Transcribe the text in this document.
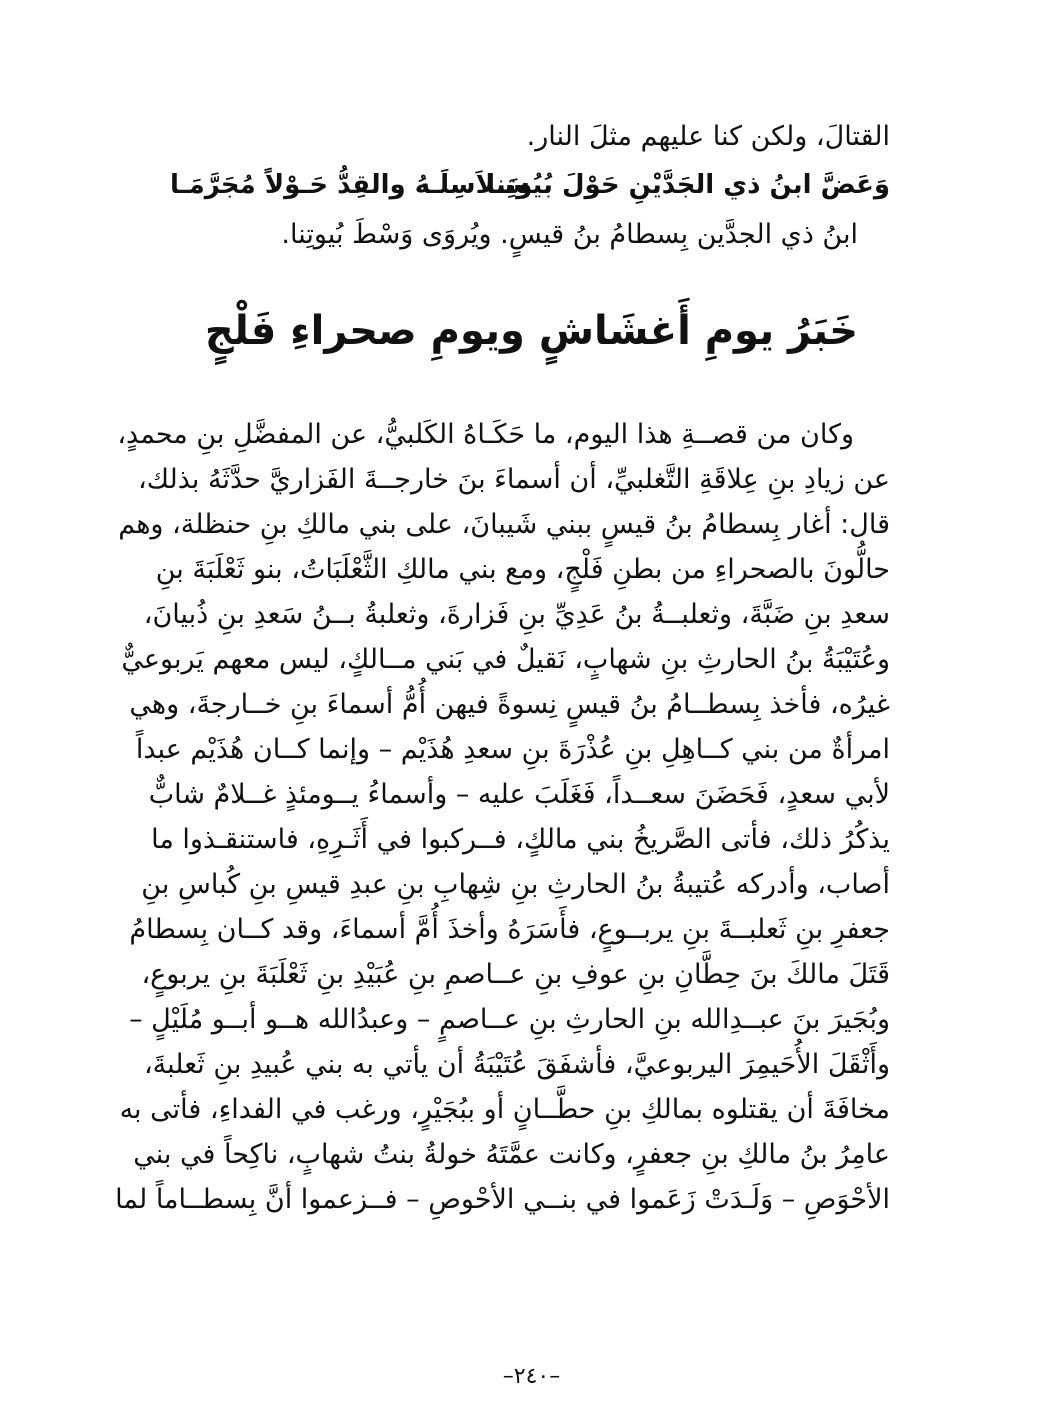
القتالَ، ولكن كنا عليهم مثلَ النار.
وَعَضَّ ابنُ ذي الجَدَّيْنِ حَوْلَ بُيُوتِنا
سَـلاَسِلَـهُ والقِدُّ حَـوْلاً مُجَرَّمَـا
ابنُ ذي الجدَّين بِسطامُ بنُ قيسٍ. ويُروَى وَسْطَ بُيوتِنا.
خَبَرُ يومِ أَغشَاشٍ ويومِ صحراءِ فَلْجٍ
وكان من قصــةِ هذا اليوم، ما حَكَـاهُ الكَلبيُّ، عن المفضَّلِ بنِ محمدٍ،
عن زيادِ بنِ عِلاقَةِ التَّغلبيِّ، أن أسماءَ بنَ خارجــةَ الفَزاريَّ حدَّثَهُ بذلك،
قال: أغار بِسطامُ بنُ قيسٍ ببني شَيبانَ، على بني مالكِ بنِ حنظلة، وهم
حالُّونَ بالصحراءِ من بطنِ فَلْجٍ، ومع بني مالكِ الثَّعْلَبَاتُ، بنو ثَعْلَبَةَ بنِ
سعدِ بنِ ضَبَّةَ، وثعلبــةُ بنُ عَدِيِّ بنِ فَزارةَ، وثعلبةُ بــنُ سَعدِ بنِ ذُبيانَ،
وعُتَيْبَةُ بنُ الحارثِ بنِ شهابٍ، نَقيلٌ في بَني مــالكٍ، ليس معهم يَربوعيٌّ
غيرُه، فأخذ بِسطــامُ بنُ قيسٍ نِسوةً فيهن أُمُّ أسماءَ بنِ خــارجةَ، وهي
امرأةٌ من بني كــاهِلِ بنِ عُذْرَةَ بنِ سعدِ هُذَيْم – وإنما كــان هُذَيْم عبداً
لأبي سعدٍ، فَحَضَنَ سعــداً، فَغَلَبَ عليه – وأسماءُ يــومئذٍ غــلامٌ شابٌّ
يذكُرُ ذلك، فأتى الصَّريخُ بني مالكٍ، فــركبوا في أَثَـرِهِ، فاستنقـذوا ما
أصاب، وأدركه عُتيبةُ بنُ الحارثِ بنِ شِهابِ بنِ عبدِ قيسِ بنِ كُباسِ بنِ
جعفرِ بنِ ثَعلبــةَ بنِ يربــوعٍ، فأَسَرَهُ وأخذَ أُمَّ أسماءَ، وقد كــان بِسطامُ
قَتَلَ مالكَ بنَ حِطَّانِ بنِ عوفِ بنِ عــاصمِ بنِ عُبَيْدِ بنِ ثَعْلَبَةَ بنِ يربوعٍ،
وبُجَيرَ بنَ عبــدِالله بنِ الحارثِ بنِ عــاصمٍ – وعبدُالله هــو أبــو مُلَيْلٍ –
وأَثْقَلَ الأُحَيمِرَ اليربوعيَّ، فأشفَقَ عُتَيْبَةُ أن يأتي به بني عُبيدِ بنِ ثَعلبةَ،
مخافَةَ أن يقتلوه بمالكِ بنِ حطَّــانٍ أو ببُجَيْرٍ، ورغب في الفداءِ، فأتى به
عامِرُ بنُ مالكِ بنِ جعفرٍ، وكانت عمَّتَهُ خولةُ بنتُ شهابٍ، ناكِحاً في بني
الأحْوَصِ – وَلَـدَتْ زَعَموا في بنــي الأحْوصِ – فــزعموا أنَّ بِسطــاماً لما
–٢٤٠–
